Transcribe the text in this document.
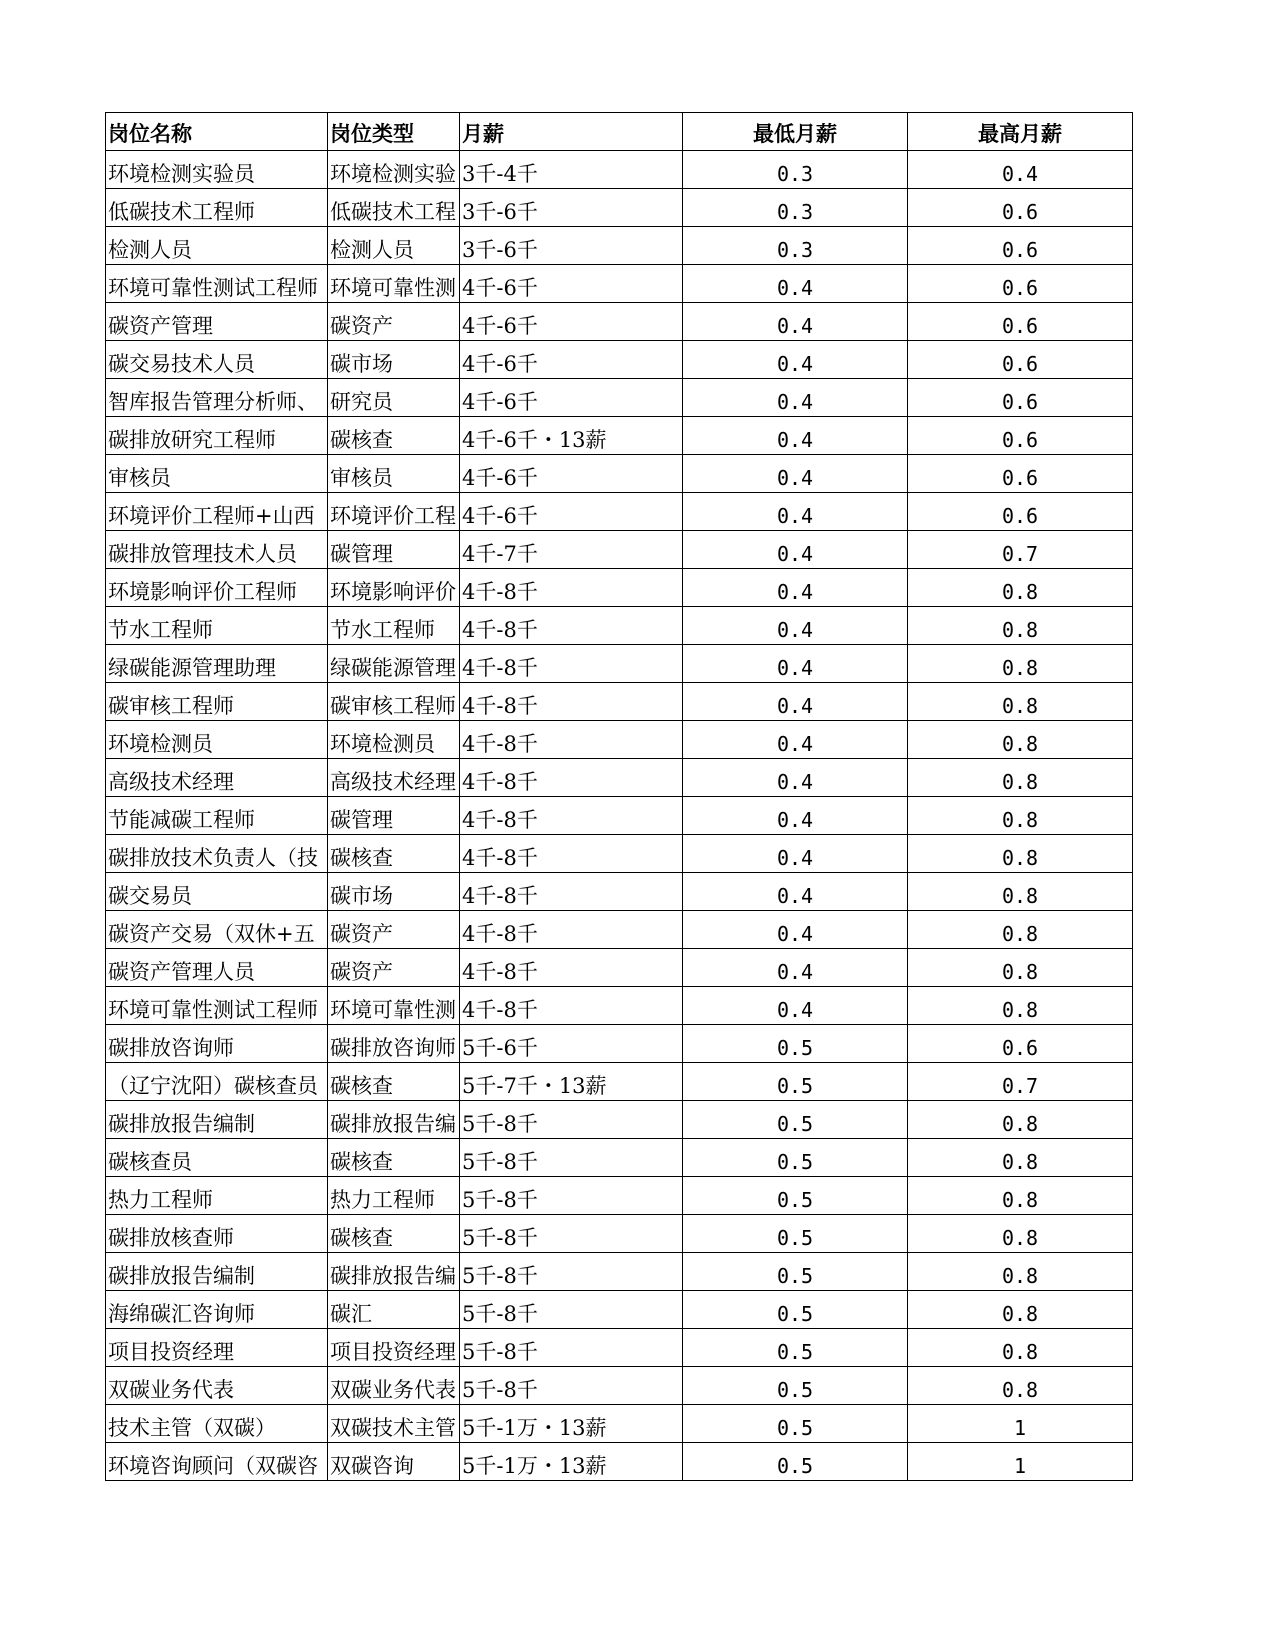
岗位名称	岗位类型	月薪	最低月薪	最高月薪
环境检测实验员	环境检测实验	3千-4千	0.3	0.4
低碳技术工程师	低碳技术工程	3千-6千	0.3	0.6
检测人员	检测人员	3千-6千	0.3	0.6
环境可靠性测试工程师	环境可靠性测	4千-6千	0.4	0.6
碳资产管理	碳资产	4千-6千	0.4	0.6
碳交易技术人员	碳市场	4千-6千	0.4	0.6
智库报告管理分析师、	研究员	4千-6千	0.4	0.6
碳排放研究工程师	碳核查	4千-6千・13薪	0.4	0.6
审核员	审核员	4千-6千	0.4	0.6
环境评价工程师+山西	环境评价工程	4千-6千	0.4	0.6
碳排放管理技术人员	碳管理	4千-7千	0.4	0.7
环境影响评价工程师	环境影响评价	4千-8千	0.4	0.8
节水工程师	节水工程师	4千-8千	0.4	0.8
绿碳能源管理助理	绿碳能源管理	4千-8千	0.4	0.8
碳审核工程师	碳审核工程师	4千-8千	0.4	0.8
环境检测员	环境检测员	4千-8千	0.4	0.8
高级技术经理	高级技术经理	4千-8千	0.4	0.8
节能减碳工程师	碳管理	4千-8千	0.4	0.8
碳排放技术负责人（技	碳核查	4千-8千	0.4	0.8
碳交易员	碳市场	4千-8千	0.4	0.8
碳资产交易（双休+五	碳资产	4千-8千	0.4	0.8
碳资产管理人员	碳资产	4千-8千	0.4	0.8
环境可靠性测试工程师	环境可靠性测	4千-8千	0.4	0.8
碳排放咨询师	碳排放咨询师	5千-6千	0.5	0.6
（辽宁沈阳）碳核查员	碳核查	5千-7千・13薪	0.5	0.7
碳排放报告编制	碳排放报告编	5千-8千	0.5	0.8
碳核查员	碳核查	5千-8千	0.5	0.8
热力工程师	热力工程师	5千-8千	0.5	0.8
碳排放核查师	碳核查	5千-8千	0.5	0.8
碳排放报告编制	碳排放报告编	5千-8千	0.5	0.8
海绵碳汇咨询师	碳汇	5千-8千	0.5	0.8
项目投资经理	项目投资经理	5千-8千	0.5	0.8
双碳业务代表	双碳业务代表	5千-8千	0.5	0.8
技术主管（双碳）	双碳技术主管	5千-1万・13薪	0.5	1
环境咨询顾问（双碳咨	双碳咨询	5千-1万・13薪	0.5	1
